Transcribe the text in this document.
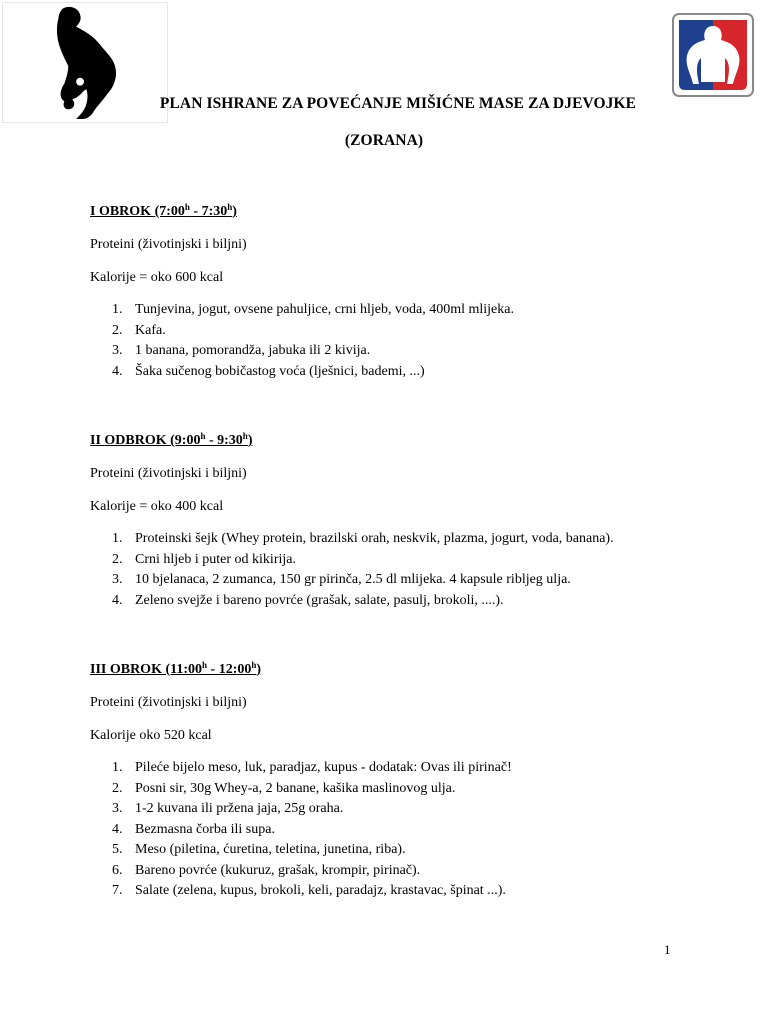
PLAN ISHRANE ZA POVEĆANJE MIŠIĆNE MASE ZA DJEVOJKE
(ZORANA)

I OBROK (7:00$^h$ - 7:30$^h$)

Proteini (životinjski i biljni)

Kalorije = oko 600 kcal

1. Tunjevina, jogut, ovsene pahuljice, crni hljeb, voda, 400ml mlijeka.
2. Kafa.
3. 1 banana, pomorandža, jabuka ili 2 kivija.
4. Šaka sučenog bobičastog voća (lješnici, bademi, ...)

II ODBROK (9:00$^h$ - 9:30$^h$)

Proteini (životinjski i biljni)

Kalorije = oko 400 kcal

1. Proteinski šejk (Whey protein, brazilski orah, neskvik, plazma, jogurt, voda, banana).
2. Crni hljeb i puter od kikirija.
3. 10 bjelanaca, 2 zumanca, 150 gr pirinča, 2.5 dl mlijeka. 4 kapsule ribljeg ulja.
4. Zeleno svejže i bareno povrće (grašak, salate, pasulj, brokoli, ....).

III OBROK (11:00$^h$ - 12:00$^h$)

Proteini (životinjski i biljni)

Kalorije oko 520 kcal

1. Pileće bijelo meso, luk, paradjaz, kupus - dodatak: Ovas ili pirinač!
2. Posni sir, 30g Whey-a, 2 banane, kašika maslinovog ulja.
3. 1-2 kuvana ili pržena jaja, 25g oraha.
4. Bezmasna čorba ili supa.
5. Meso (piletina, ćuretina, teletina, junetina, riba).
6. Bareno povrće (kukuruz, grašak, krompir, pirinač).
7. Salate (zelena, kupus, brokoli, keli, paradajz, krastavac, špinat ...).
1
